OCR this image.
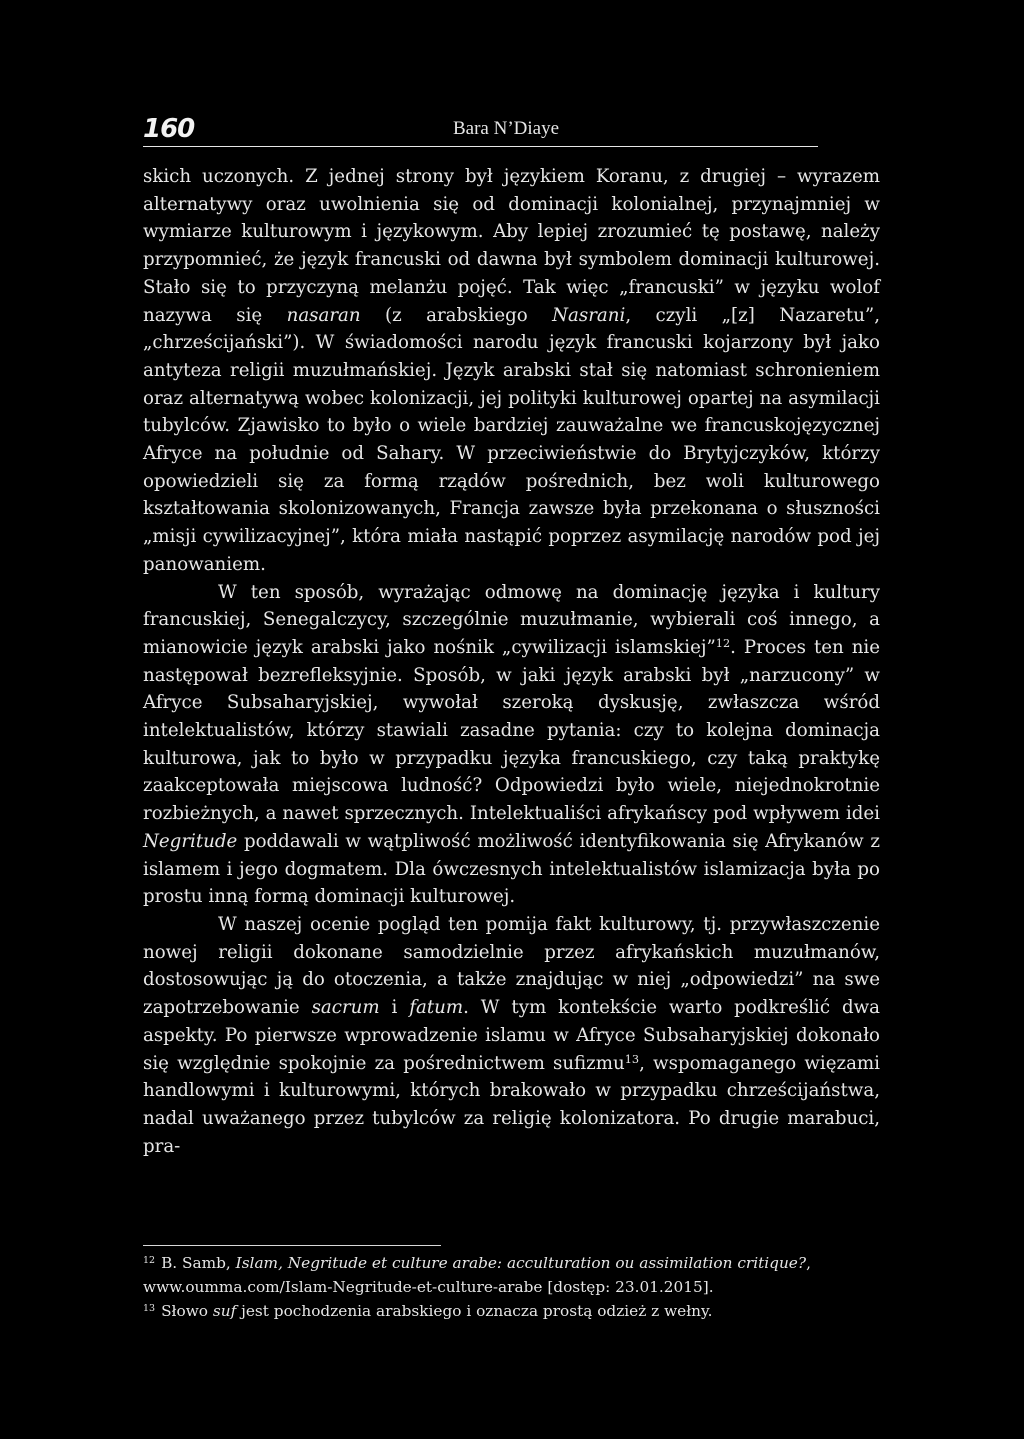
160	Bara N’Diaye

skich uczonych. Z jednej strony był językiem Koranu, z drugiej – wyrazem alternatywy oraz uwolnienia się od dominacji kolonialnej, przynajmniej w wymiarze kulturowym i językowym. Aby lepiej zrozumieć tę postawę, należy przypomnieć, że język francuski od dawna był symbolem dominacji kulturowej. Stało się to przyczyną melanżu pojęć. Tak więc „francuski” w języku wolof nazywa się nasaran (z arabskiego Nasrani, czyli „[z] Nazaretu”, „chrześcijański”). W świadomości narodu język francuski kojarzony był jako antyteza religii muzułmańskiej. Język arabski stał się natomiast schronieniem oraz alternatywą wobec kolonizacji, jej polityki kulturowej opartej na asymilacji tubylców. Zjawisko to było o wiele bardziej zauważalne we francuskojęzycznej Afryce na południe od Sahary. W przeciwieństwie do Brytyjczyków, którzy opowiedzieli się za formą rządów pośrednich, bez woli kulturowego kształtowania skolonizowanych, Francja zawsze była przekonana o słuszności „misji cywilizacyjnej”, która miała nastąpić poprzez asymilację narodów pod jej panowaniem.

W ten sposób, wyrażając odmowę na dominację języka i kultury francuskiej, Senegalczycy, szczególnie muzułmanie, wybierali coś innego, a mianowicie język arabski jako nośnik „cywilizacji islamskiej”$^{12}$. Proces ten nie następował bezrefleksyjnie. Sposób, w jaki język arabski był „narzucony” w Afryce Subsaharyjskiej, wywołał szeroką dyskusję, zwłaszcza wśród intelektualistów, którzy stawiali zasadne pytania: czy to kolejna dominacja kulturowa, jak to było w przypadku języka francuskiego, czy taką praktykę zaakceptowała miejscowa ludność? Odpowiedzi było wiele, niejednokrotnie rozbieżnych, a nawet sprzecznych. Intelektualiści afrykańscy pod wpływem idei Negritude poddawali w wątpliwość możliwość identyfikowania się Afrykanów z islamem i jego dogmatem. Dla ówczesnych intelektualistów islamizacja była po prostu inną formą dominacji kulturowej.

W naszej ocenie pogląd ten pomija fakt kulturowy, tj. przywłaszczenie nowej religii dokonane samodzielnie przez afrykańskich muzułmanów, dostosowując ją do otoczenia, a także znajdując w niej „odpowiedzi” na swe zapotrzebowanie sacrum i fatum. W tym kontekście warto podkreślić dwa aspekty. Po pierwsze wprowadzenie islamu w Afryce Subsaharyjskiej dokonało się względnie spokojnie za pośrednictwem sufizmu$^{13}$, wspomaganego więzami handlowymi i kulturowymi, których brakowało w przypadku chrześcijaństwa, nadal uważanego przez tubylców za religię kolonizatora. Po drugie marabuci, pra-

$^{12}$ B. Samb, Islam, Negritude et culture arabe: acculturation ou assimilation critique?, www.oumma.com/Islam-Negritude-et-culture-arabe [dostęp: 23.01.2015].

$^{13}$ Słowo suf jest pochodzenia arabskiego i oznacza prostą odzież z wełny.
